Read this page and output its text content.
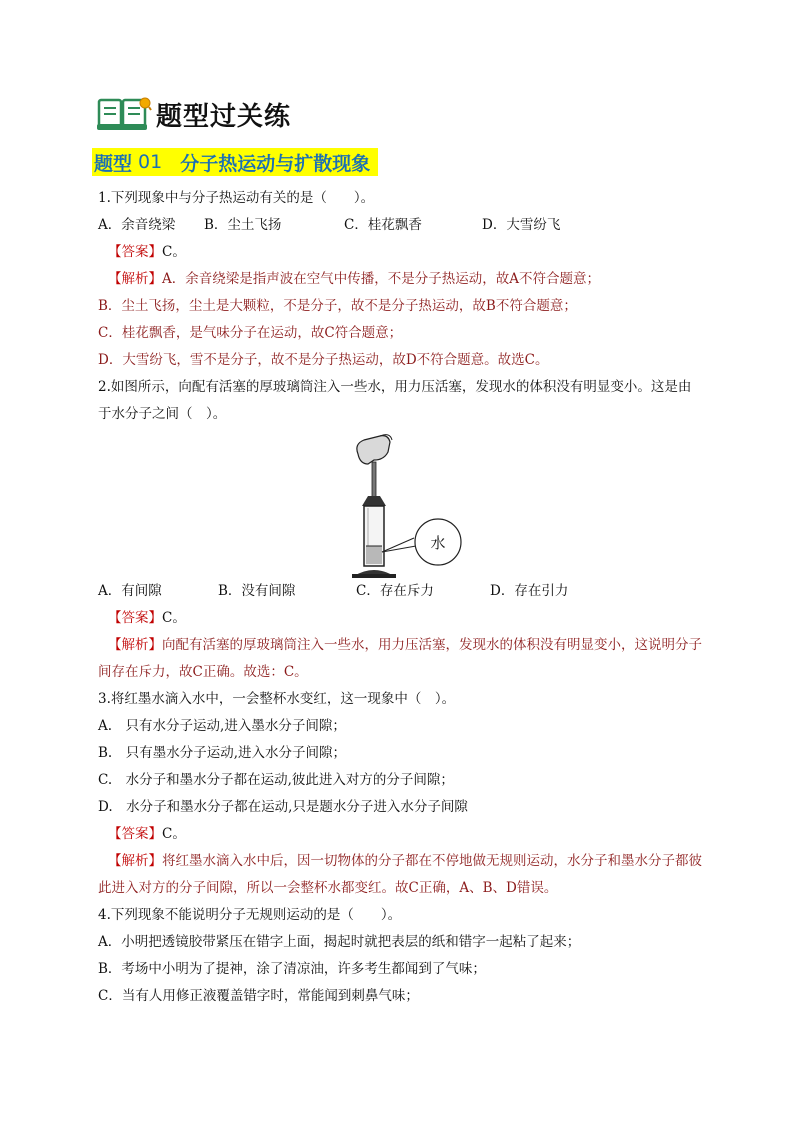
题型过关练
题型 01 分子热运动与扩散现象
1.下列现象中与分子热运动有关的是（　　）。
A．余音绕梁	B．尘土飞扬	C．桂花飘香	D．大雪纷飞
【答案】C。
【解析】A．余音绕梁是指声波在空气中传播，不是分子热运动，故A不符合题意；
B．尘土飞扬，尘土是大颗粒，不是分子，故不是分子热运动，故B不符合题意；
C．桂花飘香，是气味分子在运动，故C符合题意；
D．大雪纷飞，雪不是分子，故不是分子热运动，故D不符合题意。故选C。
2.如图所示，向配有活塞的厚玻璃筒注入一些水，用力压活塞，发现水的体积没有明显变小。这是由
于水分子之间（　）。
水
A．有间隙	B．没有间隙	C．存在斥力	D．存在引力
【答案】C。
【解析】向配有活塞的厚玻璃筒注入一些水，用力压活塞，发现水的体积没有明显变小，这说明分子
间存在斥力，故C正确。故选：C。
3.将红墨水滴入水中，一会整杯水变红，这一现象中（　）。
A.　只有水分子运动,进入墨水分子间隙；
B.　只有墨水分子运动,进入水分子间隙；
C.　水分子和墨水分子都在运动,彼此进入对方的分子间隙；
D.　水分子和墨水分子都在运动,只是题水分子进入水分子间隙
【答案】C。
【解析】将红墨水滴入水中后，因一切物体的分子都在不停地做无规则运动，水分子和墨水分子都彼
此进入对方的分子间隙，所以一会整杯水都变红。故C正确，A、B、D错误。
4.下列现象不能说明分子无规则运动的是（　　）。
A．小明把透镜胶带紧压在错字上面，揭起时就把表层的纸和错字一起粘了起来；
B．考场中小明为了提神，涂了清凉油，许多考生都闻到了气味；
C．当有人用修正液覆盖错字时，常能闻到刺鼻气味；
